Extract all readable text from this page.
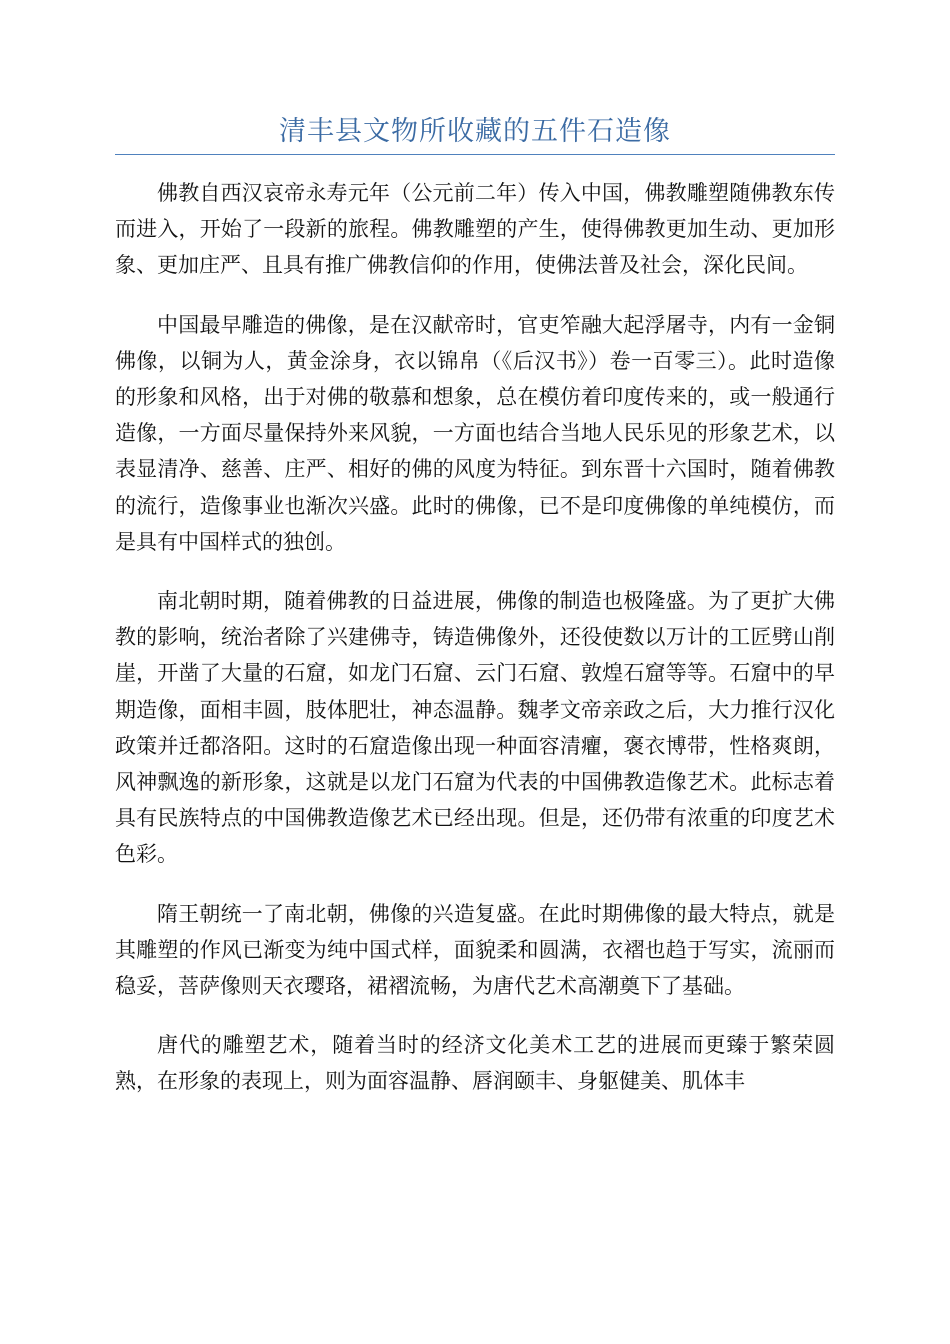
清丰县文物所收藏的五件石造像

佛教自西汉哀帝永寿元年（公元前二年）传入中国，佛教雕塑随佛教东传而进入，开始了一段新的旅程。佛教雕塑的产生，使得佛教更加生动、更加形象、更加庄严、且具有推广佛教信仰的作用，使佛法普及社会，深化民间。

中国最早雕造的佛像，是在汉献帝时，官吏笮融大起浮屠寺，内有一金铜佛像，以铜为人，黄金涂身，衣以锦帛（《后汉书》）卷一百零三）。此时造像的形象和风格，出于对佛的敬慕和想象，总在模仿着印度传来的，或一般通行造像，一方面尽量保持外来风貌，一方面也结合当地人民乐见的形象艺术，以表显清净、慈善、庄严、相好的佛的风度为特征。到东晋十六国时，随着佛教的流行，造像事业也渐次兴盛。此时的佛像，已不是印度佛像的单纯模仿，而是具有中国样式的独创。

南北朝时期，随着佛教的日益进展，佛像的制造也极隆盛。为了更扩大佛教的影响，统治者除了兴建佛寺，铸造佛像外，还役使数以万计的工匠劈山削崖，开凿了大量的石窟，如龙门石窟、云门石窟、敦煌石窟等等。石窟中的早期造像，面相丰圆，肢体肥壮，神态温静。魏孝文帝亲政之后，大力推行汉化政策并迁都洛阳。这时的石窟造像出现一种面容清癯，褒衣博带，性格爽朗，风神飘逸的新形象，这就是以龙门石窟为代表的中国佛教造像艺术。此标志着具有民族特点的中国佛教造像艺术已经出现。但是，还仍带有浓重的印度艺术色彩。

隋王朝统一了南北朝，佛像的兴造复盛。在此时期佛像的最大特点，就是其雕塑的作风已渐变为纯中国式样，面貌柔和圆满，衣褶也趋于写实，流丽而稳妥，菩萨像则天衣璎珞，裙褶流畅，为唐代艺术高潮奠下了基础。

唐代的雕塑艺术，随着当时的经济文化美术工艺的进展而更臻于繁荣圆熟，在形象的表现上，则为面容温静、唇润颐丰、身躯健美、肌体丰
